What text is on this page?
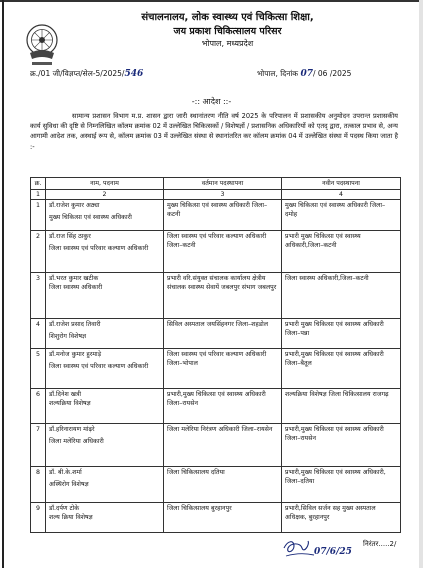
संचालनालय, लोक स्वास्थ्य एवं चिकित्सा शिक्षा,
जय प्रकाश चिकित्सालय परिसर
भोपाल, मध्यप्रदेश
क्र./01 जी/विज्ञप्त/सेल-5/2025/546	भोपाल, दिनांक 07/ 06 /2025
-:: आदेश ::-

सामान्य प्रशासन विभाग म.प्र. शासन द्वारा जारी स्थानांतरण नीति वर्ष 2025 के परिपालन में प्रशासकीय अनुमोदन उपरान्त प्रशासकीय कार्य सुविधा की दृष्टि से निम्नलिखित कॉलम क्रमांक 02 में उल्लेखित चिकित्सकों / विशेषज्ञों / प्रशासनिक अधिकारियों को एतद् द्वारा, तत्काल प्रभाव से, अन्य आगामी आदेश तक, अस्थाई रूप से, कॉलम क्रमांक 03 में उल्लेखित संस्था से स्थानांतरित कर कॉलम क्रमांक 04 में उल्लेखित संस्था में पदस्थ किया जाता है :-

क्र.	नाम, पदनाम	वर्तमान पदस्थापना	नवीन पदस्थापना
1	2	3	4
1	डॉ.राजेश कुमार अठ्या
मुख्य चिकित्सा एवं स्वास्थ्य अधिकारी	मुख्य चिकित्सा एवं स्वास्थ्य अधिकारी जिला–कटनी	मुख्य चिकित्सा एवं स्वास्थ्य अधिकारी जिला–दमोह
2	डॉ.राज सिंह ठाकुर
जिला स्वास्थ्य एवं परिवार कल्याण अधिकारी	जिला स्वास्थ्य एवं परिवार कल्याण अधिकारी जिला–कटनी	प्रभारी मुख्य चिकित्सा एवं स्वास्थ्य अधिकारी,जिला–कटनी
3	डॉ.भरत कुमार खटीक
जिला स्वास्थ्य अधिकारी	प्रभारी वरि.संयुक्त संचालक कार्यालय क्षेत्रीय संचालक स्वास्थ्य सेवायें जबलपुर संभाग जबलपुर	जिला स्वास्थ्य अधिकारी,जिला–कटनी
4	डॉ.राजेश प्रसाद तिवारी
शिशुरोग विशेषज्ञ	सिविल अस्पताल जयसिंहनगर जिला–शहडोल	प्रभारी मुख्य चिकित्सा एवं स्वास्थ्य अधिकारी जिला–पन्ना
5	डॉ.मनोज कुमार हुरमाड़े
जिला स्वास्थ्य एवं परिवार कल्याण अधिकारी	जिला स्वास्थ्य एवं परिवार कल्याण अधिकारी जिला–भोपाल	प्रभारी,मुख्य चिकित्सा एवं स्वास्थ्य अधिकारी जिला–बैतूल
6	डॉ.दिनेश खत्री
शल्यक्रिया विशेषज्ञ	प्रभारी,मुख्य चिकित्सा एवं स्वास्थ्य अधिकारी जिला–रायसेन	शल्यक्रिया विशेषज्ञ जिला चिकित्सालय राजगढ़
7	डॉ.हरिनारायण मांढ़रे
जिला मलेरिया अधिकारी	जिला मलेरिया निरंत्रण अधिकारी जिला–रायसेन	प्रभारी,मुख्य चिकित्सा एवं स्वास्थ्य अधिकारी जिला–रायसेन
8	डॉ. बी.के.शर्मा
अस्थिरोग विशेषज्ञ	जिला चिकित्सालय दतिया	प्रभारी,मुख्य चिकित्सा एवं स्वास्थ्य अधिकारी, जिला–दतिया
9	डॉ.दर्पण टोके
शल्य क्रिया विशेषज्ञ	जिला चिकित्सालय बुरहानपुर	प्रभारी,सिविल सर्जन सह मुख्य अस्पताल अधिक्षक, बुरहानपुर
07/6/25
निरंतर.....2/
